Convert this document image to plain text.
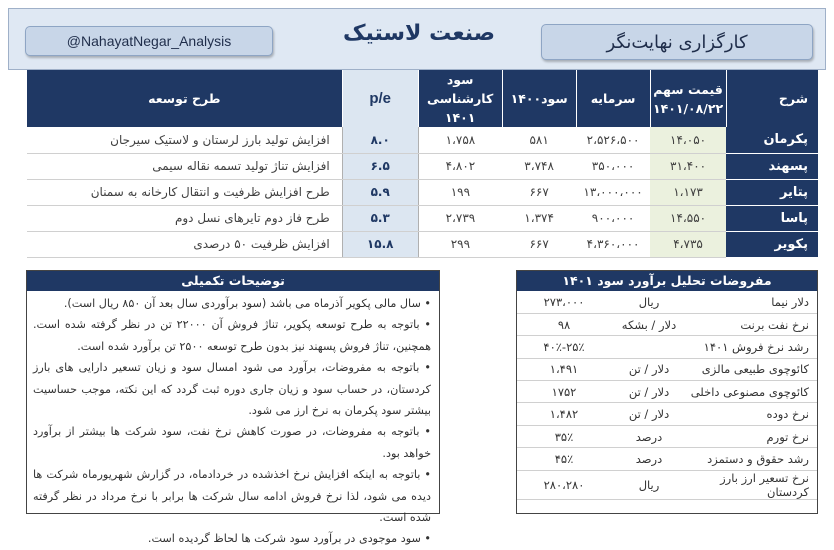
@NahayatNegar_Analysis	صنعت لاستیک	کارگزاری نهایت‌نگر
شرح	قیمت سهم
۱۴۰۱/۰۸/۲۲	سرمایه	سود۱۴۰۰	سود کارشناسی
۱۴۰۱	p/e	طرح توسعه
پکرمان	۱۴،۰۵۰	۲،۵۲۶،۵۰۰	۵۸۱	۱،۷۵۸	۸.۰	افزایش تولید بارز لرستان و لاستیک سیرجان
پسهند	۳۱،۴۰۰	۳۵۰،۰۰۰	۳،۷۴۸	۴،۸۰۲	۶.۵	افزایش تناژ تولید تسمه نقاله سیمی
پتایر	۱،۱۷۳	۱۳،۰۰۰،۰۰۰	۶۶۷	۱۹۹	۵.۹	طرح افزایش ظرفیت و انتقال کارخانه به سمنان
پاسا	۱۴،۵۵۰	۹۰۰،۰۰۰	۱،۳۷۴	۲،۷۳۹	۵.۳	طرح فاز دوم تایرهای نسل دوم
پکویر	۴،۷۳۵	۴،۳۶۰،۰۰۰	۶۶۷	۲۹۹	۱۵.۸	افزایش ظرفیت ۵۰ درصدی
توضیحات تکمیلی

• سال مالی پکویر آذرماه می باشد (سود برآوردی سال بعد آن ۸۵۰ ریال است).

• باتوجه به طرح توسعه پکویر، تناژ فروش آن ۲۲۰۰۰ تن در نظر گرفته شده است. همچنین، تناژ فروش پسهند نیز بدون طرح توسعه ۲۵۰۰ تن برآورد شده است.

• باتوجه به مفروضات، برآورد می شود امسال سود و زیان تسعیر دارایی های بارز کردستان، در حساب سود و زیان جاری دوره ثبت گردد که این نکته، موجب حساسیت بیشتر سود پکرمان به نرخ ارز می شود.

• باتوجه به مفروضات، در صورت کاهش نرخ نفت، سود شرکت ها بیشتر از برآورد خواهد بود.

• باتوجه به اینکه افزایش نرخ اخذشده در خردادماه، در گزارش شهریورماه شرکت ها دیده می شود، لذا نرخ فروش ادامه سال شرکت ها برابر با نرخ مرداد در نظر گرفته شده است.

• سود موجودی در برآورد سود شرکت ها لحاظ گردیده است.

مفروضات تحلیل برآورد سود ۱۴۰۱
دلار نیما	ریال	۲۷۳،۰۰۰
نرخ نفت برنت	دلار / بشکه	۹۸
رشد نرخ فروش ۱۴۰۱		۲۵٪-۴۰٪
کائوچوی طبیعی مالزی	دلار / تن	۱،۴۹۱
کائوچوی مصنوعی داخلی	دلار / تن	۱۷۵۲
نرخ دوده	دلار / تن	۱،۴۸۲
نرخ تورم	درصد	۳۵٪
رشد حقوق و دستمزد	درصد	۴۵٪
نرخ تسعیر ارز بارز کردستان	ریال	۲۸۰،۲۸۰
